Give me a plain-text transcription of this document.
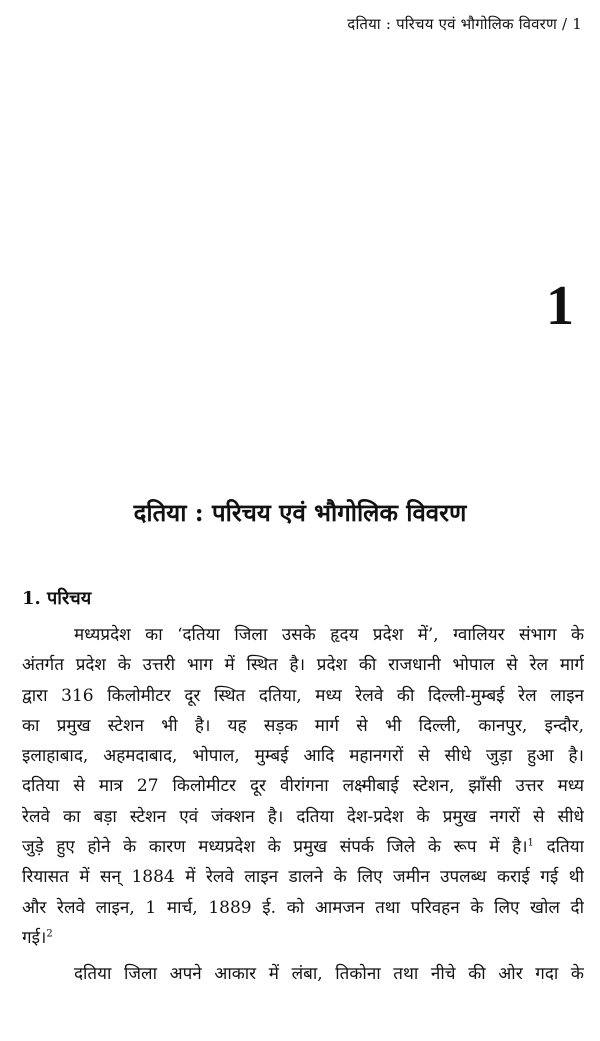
दतिया : परिचय एवं भौगोलिक विवरण / 1
1
दतिया : परिचय एवं भौगोलिक विवरण
1. परिचय
मध्यप्रदेश का ‘दतिया जिला उसके हृदय प्रदेश में’, ग्वालियर संभाग के
अंतर्गत प्रदेश के उत्तरी भाग में स्थित है। प्रदेश की राजधानी भोपाल से रेल मार्ग
द्वारा 316 किलोमीटर दूर स्थित दतिया, मध्य रेलवे की दिल्ली-मुम्बई रेल लाइन
का प्रमुख स्टेशन भी है। यह सड़क मार्ग से भी दिल्ली, कानपुर, इन्दौर,
इलाहाबाद, अहमदाबाद, भोपाल, मुम्बई आदि महानगरों से सीधे जुड़ा हुआ है।
दतिया से मात्र 27 किलोमीटर दूर वीरांगना लक्ष्मीबाई स्टेशन, झाँसी उत्तर मध्य
रेलवे का बड़ा स्टेशन एवं जंक्शन है। दतिया देश-प्रदेश के प्रमुख नगरों से सीधे
जुड़े हुए होने के कारण मध्यप्रदेश के प्रमुख संपर्क जिले के रूप में है।$^1$ दतिया
रियासत में सन् 1884 में रेलवे लाइन डालने के लिए जमीन उपलब्ध कराई गई थी
और रेलवे लाइन, 1 मार्च, 1889 ई. को आमजन तथा परिवहन के लिए खोल दी
गई।$^2$
दतिया जिला अपने आकार में लंबा, तिकोना तथा नीचे की ओर गदा के
